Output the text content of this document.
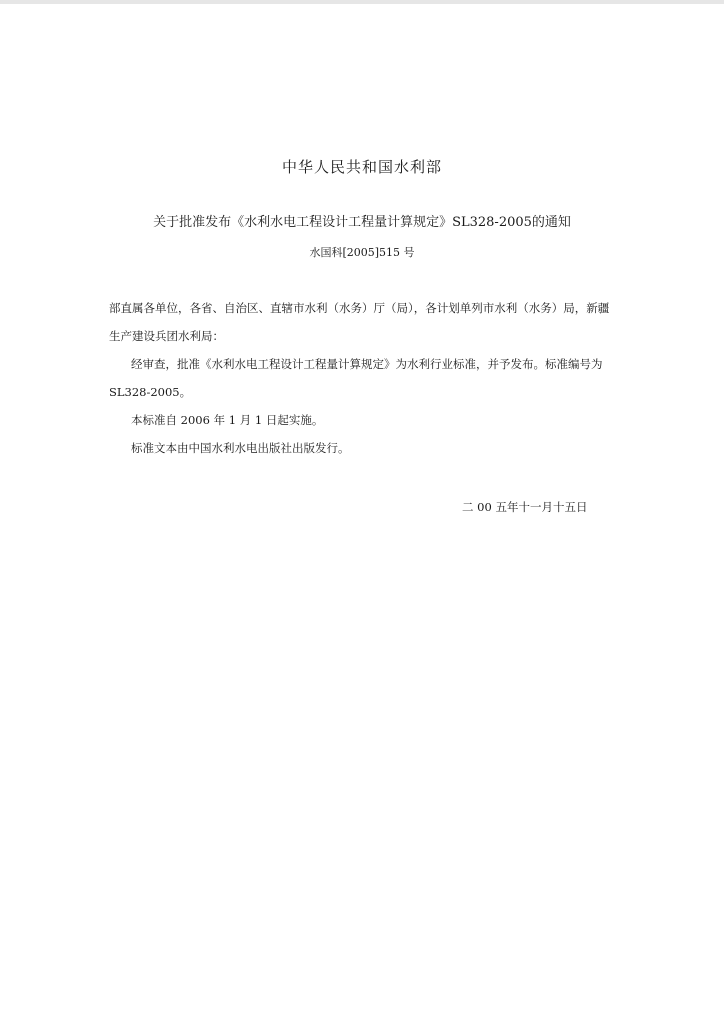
中华人民共和国水利部
关于批准发布《水利水电工程设计工程量计算规定》SL328-2005的通知
水国科[2005]515 号

部直属各单位，各省、自治区、直辖市水利（水务）厅（局），各计划单列市水利（水务）局，新疆生产建设兵团水利局：

经审查，批准《水利水电工程设计工程量计算规定》为水利行业标准，并予发布。标准编号为SL328-2005。

本标准自 2006 年 1 月 1 日起实施。

标准文本由中国水利水电出版社出版发行。

二 00 五年十一月十五日
